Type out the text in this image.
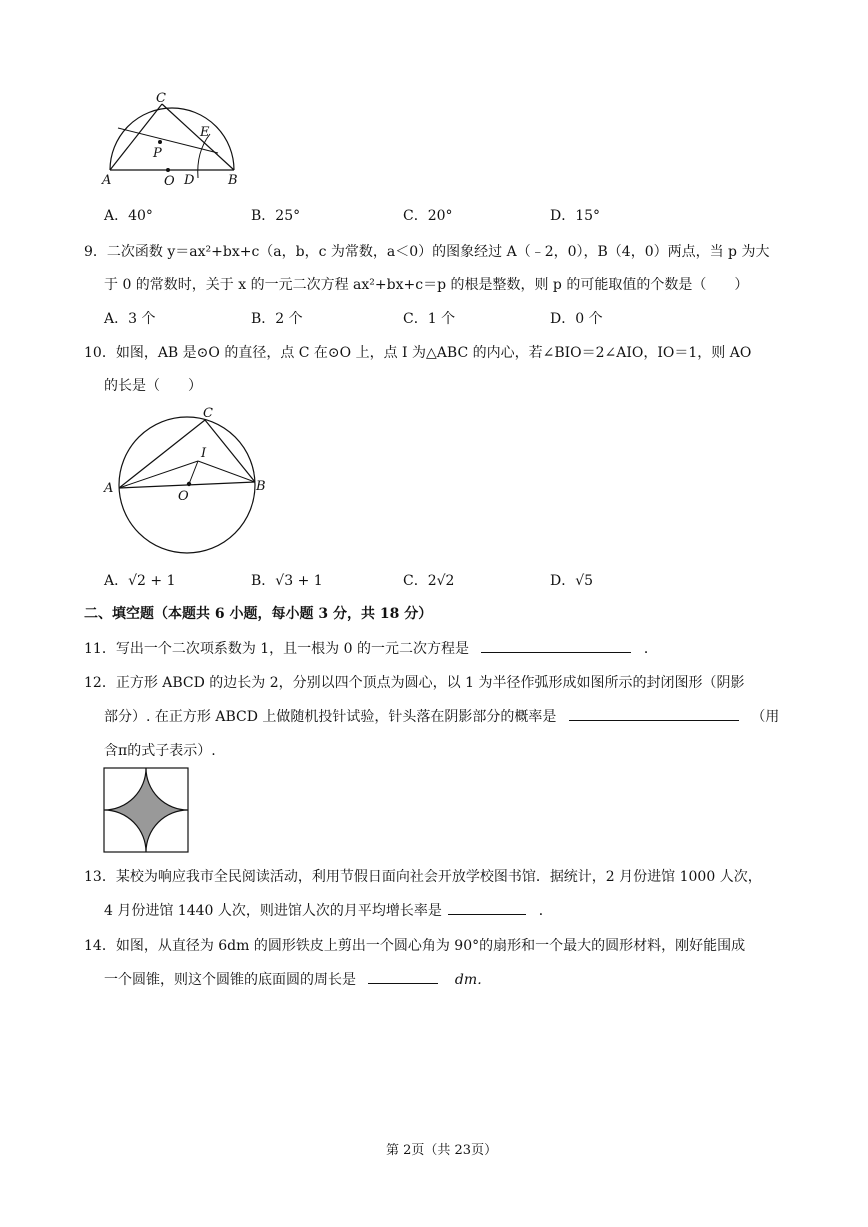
C
E
P
A	O D	B
A．40°	B．25°	C．20°	D．15°
9．二次函数 y＝ax²+bx+c（a，b，c 为常数，a＜0）的图象经过 A（﹣2，0），B（4，0）两点，当 p 为大
于 0 的常数时，关于 x 的一元二次方程 ax²+bx+c＝p 的根是整数，则 p 的可能取值的个数是（　　）
A．3 个	B．2 个	C．1 个	D．0 个
10．如图，AB 是⊙O 的直径，点 C 在⊙O 上，点 I 为△ABC 的内心，若∠BIO＝2∠AIO，IO＝1，则 AO
的长是（　　）
C
I
A
O
B
A．√2 + 1	B．√3 + 1	C．2√2	D．√5
二、填空题（本题共 6 小题，每小题 3 分，共 18 分）
11．写出一个二次项系数为 1，且一根为 0 的一元二次方程是	．
12．正方形 ABCD 的边长为 2，分别以四个顶点为圆心，以 1 为半径作弧形成如图所示的封闭图形（阴影
部分）. 在正方形 ABCD 上做随机投针试验，针头落在阴影部分的概率是	（用
含π的式子表示）.
13．某校为响应我市全民阅读活动，利用节假日面向社会开放学校图书馆．据统计，2 月份进馆 1000 人次，
4 月份进馆 1440 人次，则进馆人次的月平均增长率是	．
14．如图，从直径为 6dm 的圆形铁皮上剪出一个圆心角为 90°的扇形和一个最大的圆形材料，刚好能围成
一个圆锥，则这个圆锥的底面圆的周长是	dm．
第 2页（共 23页）
